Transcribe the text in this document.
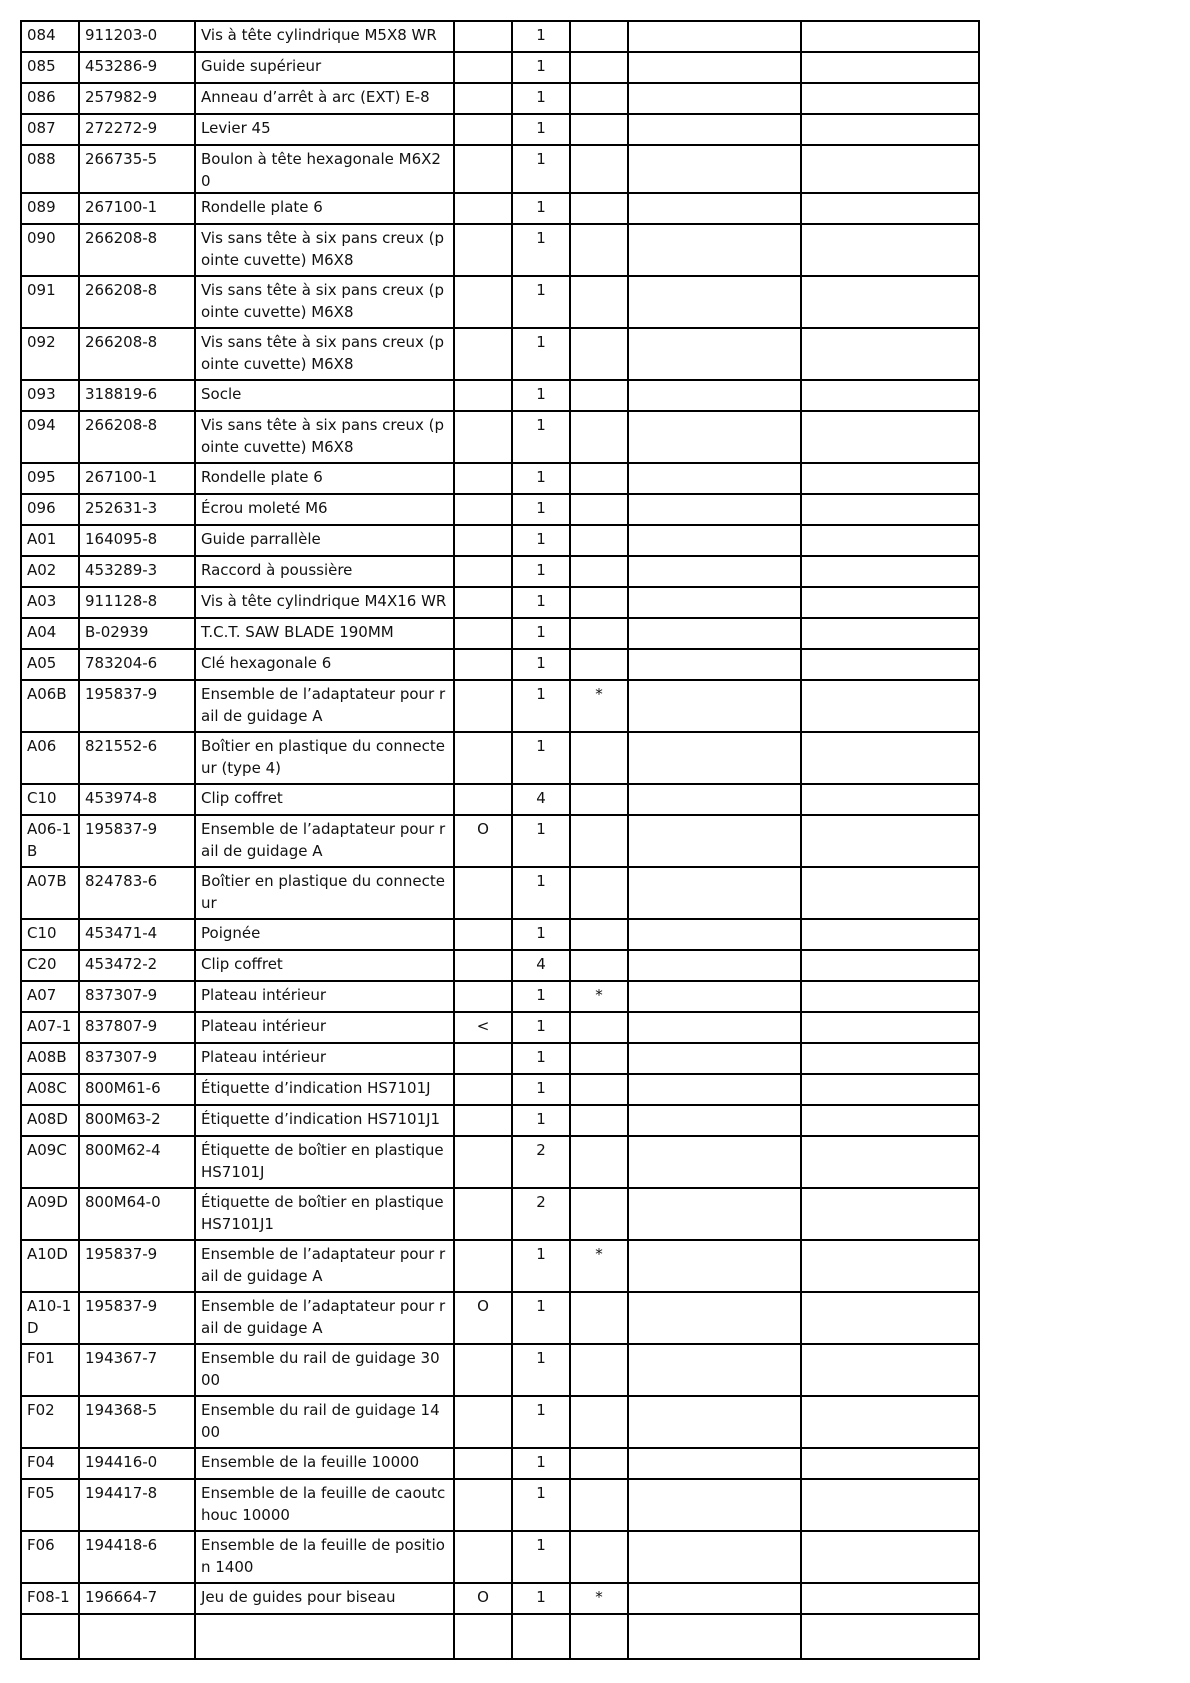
084	911203-0	Vis à tête cylindrique M5X8 WR		1			
085	453286-9	Guide supérieur		1			
086	257982-9	Anneau d’arrêt à arc (EXT) E-8		1			
087	272272-9	Levier 45		1			
088	266735-5	Boulon à tête hexagonale M6X20		1			
089	267100-1	Rondelle plate 6		1			
090	266208-8	Vis sans tête à six pans creux (pointe cuvette) M6X8		1			
091	266208-8	Vis sans tête à six pans creux (pointe cuvette) M6X8		1			
092	266208-8	Vis sans tête à six pans creux (pointe cuvette) M6X8		1			
093	318819-6	Socle		1			
094	266208-8	Vis sans tête à six pans creux (pointe cuvette) M6X8		1			
095	267100-1	Rondelle plate 6		1			
096	252631-3	Écrou moleté M6		1			
A01	164095-8	Guide parrallèle		1			
A02	453289-3	Raccord à poussière		1			
A03	911128-8	Vis à tête cylindrique M4X16 WR		1			
A04	B-02939	T.C.T. SAW BLADE 190MM		1			
A05	783204-6	Clé hexagonale 6		1			
A06B	195837-9	Ensemble de l’adaptateur pour rail de guidage A		1	*		
A06	821552-6	Boîtier en plastique du connecteur (type 4)		1			
C10	453974-8	Clip coffret		4			
A06-1B	195837-9	Ensemble de l’adaptateur pour rail de guidage A	O	1			
A07B	824783-6	Boîtier en plastique du connecteur		1			
C10	453471-4	Poignée		1			
C20	453472-2	Clip coffret		4			
A07	837307-9	Plateau intérieur		1	*		
A07-1	837807-9	Plateau intérieur	<	1			
A08B	837307-9	Plateau intérieur		1			
A08C	800M61-6	Étiquette d’indication HS7101J		1			
A08D	800M63-2	Étiquette d’indication HS7101J1		1			
A09C	800M62-4	Étiquette de boîtier en plastique HS7101J		2			
A09D	800M64-0	Étiquette de boîtier en plastique HS7101J1		2			
A10D	195837-9	Ensemble de l’adaptateur pour rail de guidage A		1	*		
A10-1D	195837-9	Ensemble de l’adaptateur pour rail de guidage A	O	1			
F01	194367-7	Ensemble du rail de guidage 3000		1			
F02	194368-5	Ensemble du rail de guidage 1400		1			
F04	194416-0	Ensemble de la feuille 10000		1			
F05	194417-8	Ensemble de la feuille de caoutchouc 10000		1			
F06	194418-6	Ensemble de la feuille de position 1400		1			
F08-1	196664-7	Jeu de guides pour biseau	O	1	*		
